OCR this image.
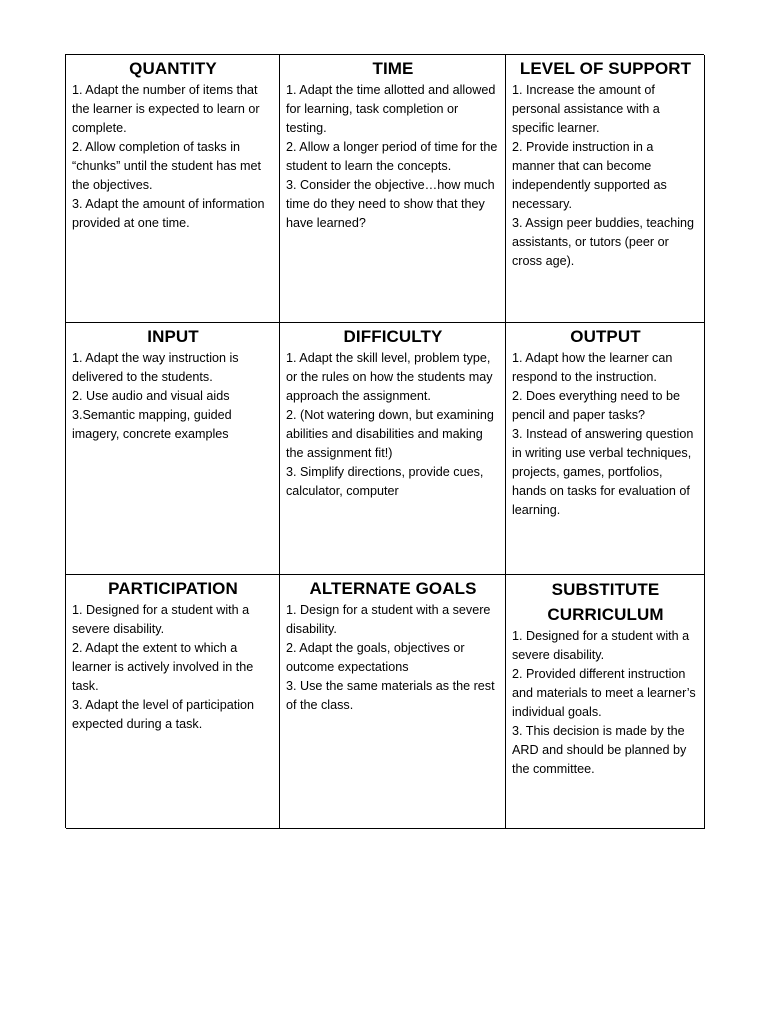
QUANTITY
1. Adapt the number of items that the learner is expected to learn or complete.
2. Allow completion of tasks in “chunks” until the student has met the objectives.
3. Adapt the amount of information provided at one time.
TIME
1. Adapt the time allotted and allowed for learning, task completion or testing.
2. Allow a longer period of time for the student to learn the concepts.
3. Consider the objective…how much time do they need to show that they have learned?
LEVEL OF SUPPORT
1. Increase the amount of personal assistance with a specific learner.
2. Provide instruction in a manner that can become independently supported as necessary.
3. Assign peer buddies, teaching assistants, or tutors (peer or cross age).
INPUT
1. Adapt the way instruction is delivered to the students.
2. Use audio and visual aids
3.Semantic mapping, guided imagery, concrete examples
DIFFICULTY
1. Adapt the skill level, problem type, or the rules on how the students may approach the assignment.
2. (Not watering down, but examining abilities and disabilities and making the assignment fit!)
3. Simplify directions, provide cues, calculator, computer
OUTPUT
1. Adapt how the learner can respond to the instruction.
2. Does everything need to be pencil and paper tasks?
3. Instead of answering question in writing use verbal techniques, projects, games, portfolios, hands on tasks for evaluation of learning.
PARTICIPATION
1. Designed for a student with a severe disability.
2. Adapt the extent to which a learner is actively involved in the task.
3. Adapt the level of participation expected during a task.
ALTERNATE GOALS
1. Design for a student with a severe disability.
2. Adapt the goals, objectives or outcome expectations
3. Use the same materials as the rest of the class.
SUBSTITUTE CURRICULUM
1. Designed for a student with a severe disability.
2. Provided different instruction and materials to meet a learner’s individual goals.
3. This decision is made by the ARD and should be planned by the committee.
